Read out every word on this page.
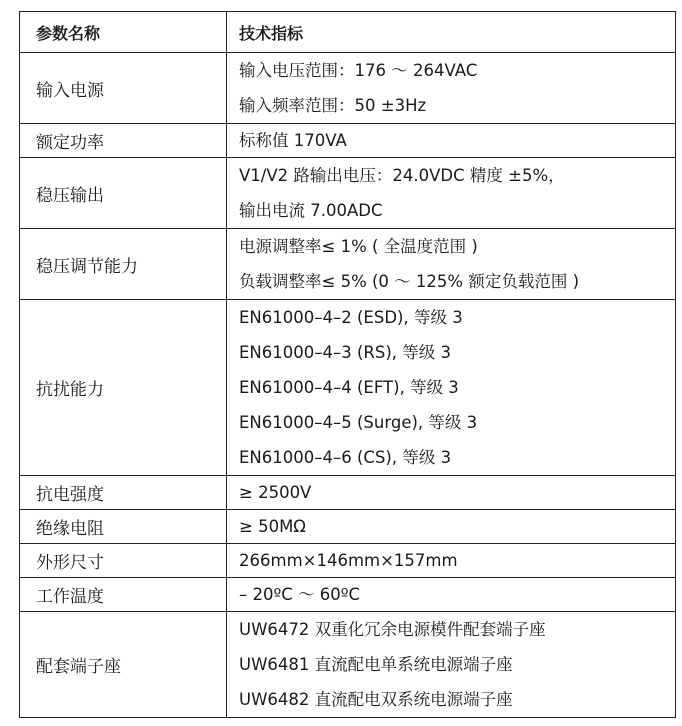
参数名称	技术指标
输入电源	输入电压范围：176 ～ 264VAC
输入频率范围：50 ±3Hz

额定功率	标称值 170VA

稳压输出	V1/V2 路输出电压：24.0VDC 精度 ±5%，
输出电流 7.00ADC

稳压调节能力	电源调整率≤ 1% ( 全温度范围 )
负载调整率≤ 5% (0 ～ 125% 额定负载范围 )

抗扰能力	EN61000–4–2 (ESD), 等级 3
EN61000–4–3 (RS), 等级 3
EN61000–4–4 (EFT), 等级 3
EN61000–4–5 (Surge), 等级 3
EN61000–4–6 (CS), 等级 3

抗电强度	≥ 2500V

绝缘电阻	≥ 50MΩ

外形尺寸	266mm×146mm×157mm

工作温度	– 20ºC ～ 60ºC

配套端子座	UW6472 双重化冗余电源模件配套端子座
UW6481 直流配电单系统电源端子座
UW6482 直流配电双系统电源端子座
